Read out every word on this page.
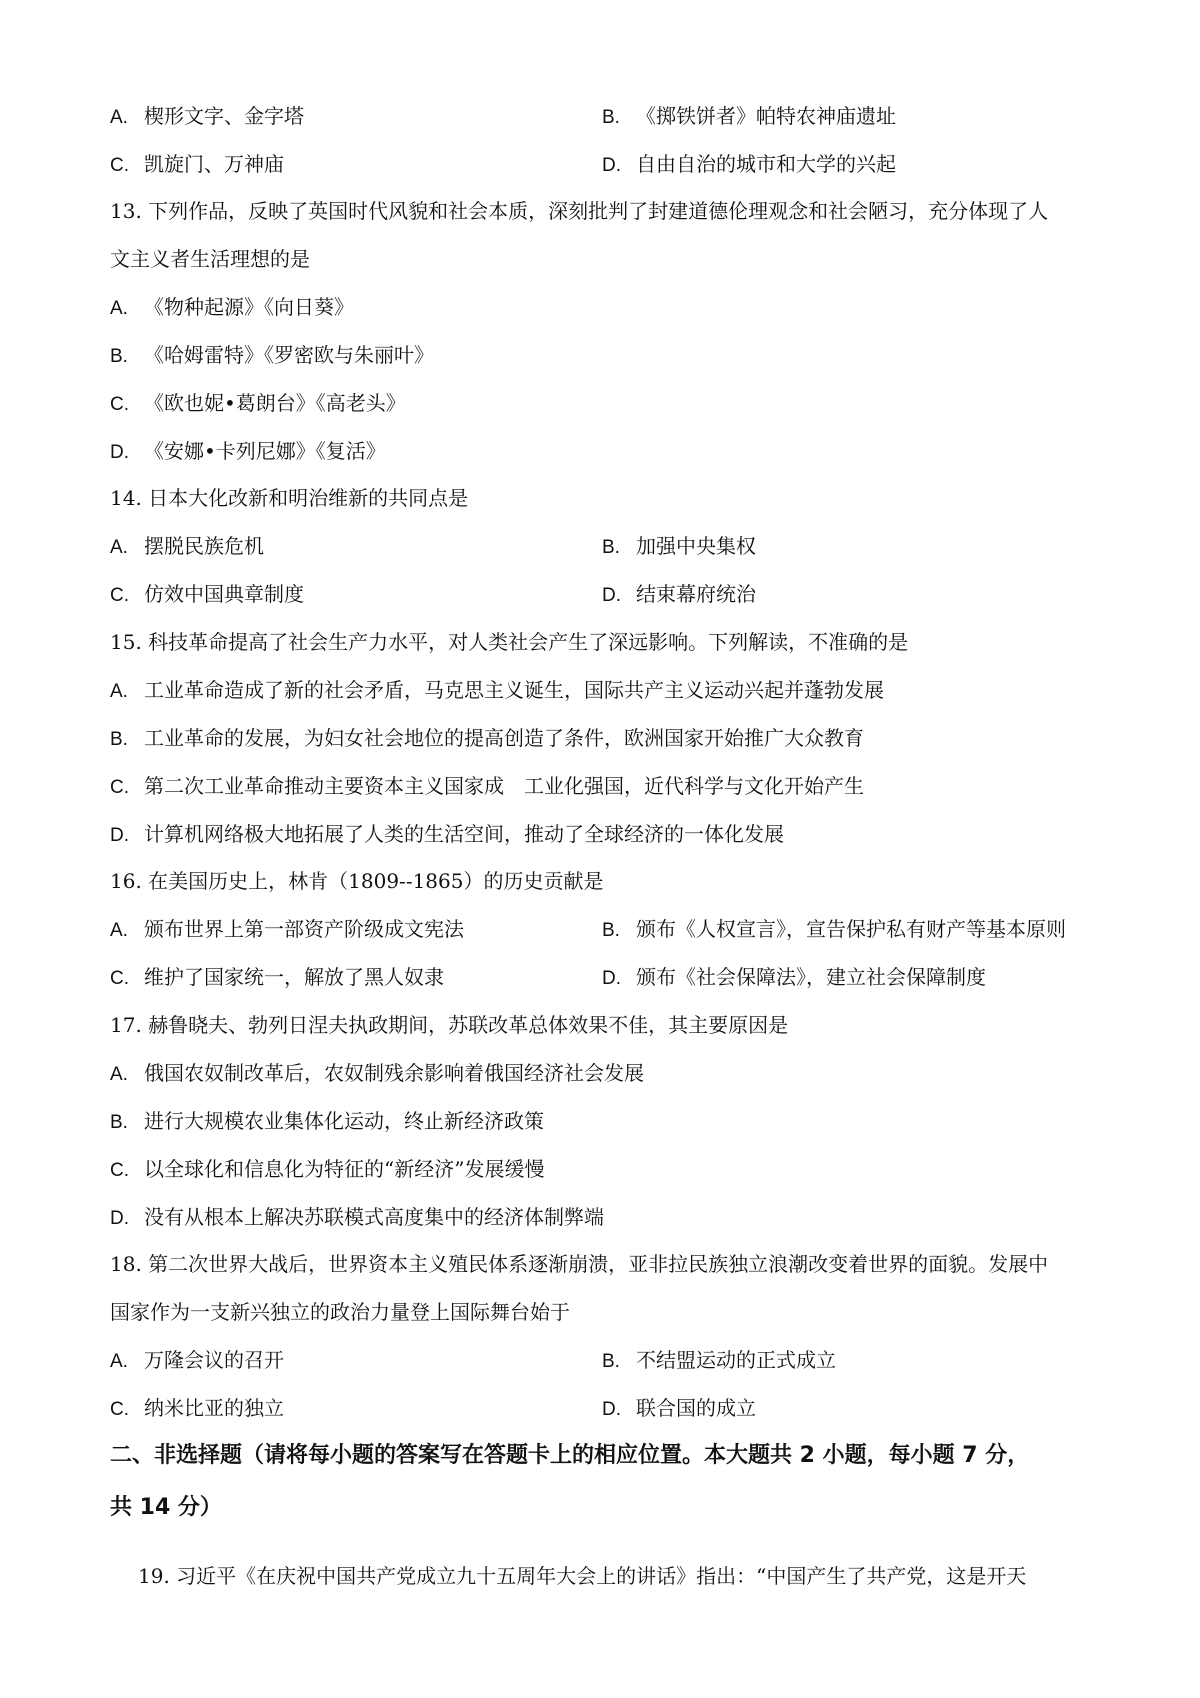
A. 楔形文字、金字塔	B. 《掷铁饼者》帕特农神庙遗址
C. 凯旋门、万神庙	D. 自由自治的城市和大学的兴起
13. 下列作品，反映了英国时代风貌和社会本质，深刻批判了封建道德伦理观念和社会陋习，充分体现了人
文主义者生活理想的是
A. 《物种起源》《向日葵》
B. 《哈姆雷特》《罗密欧与朱丽叶》
C. 《欧也妮•葛朗台》《高老头》
D. 《安娜•卡列尼娜》《复活》
14. 日本大化改新和明治维新的共同点是
A. 摆脱民族危机	B. 加强中央集权
C. 仿效中国典章制度	D. 结束幕府统治
15. 科技革命提高了社会生产力水平，对人类社会产生了深远影响。下列解读，不准确的是
A. 工业革命造成了新的社会矛盾，马克思主义诞生，国际共产主义运动兴起并蓬勃发展
B. 工业革命的发展，为妇女社会地位的提高创造了条件，欧洲国家开始推广大众教育
C. 第二次工业革命推动主要资本主义国家成　工业化强国，近代科学与文化开始产生
D. 计算机网络极大地拓展了人类的生活空间，推动了全球经济的一体化发展
16. 在美国历史上，林肯（1809--1865）的历史贡献是
A. 颁布世界上第一部资产阶级成文宪法	B. 颁布《人权宣言》，宣告保护私有财产等基本原则
C. 维护了国家统一，解放了黑人奴隶	D. 颁布《社会保障法》，建立社会保障制度
17. 赫鲁晓夫、勃列日涅夫执政期间，苏联改革总体效果不佳，其主要原因是
A. 俄国农奴制改革后，农奴制残余影响着俄国经济社会发展
B. 进行大规模农业集体化运动，终止新经济政策
C. 以全球化和信息化为特征的“新经济”发展缓慢
D. 没有从根本上解决苏联模式高度集中的经济体制弊端
18. 第二次世界大战后，世界资本主义殖民体系逐渐崩溃，亚非拉民族独立浪潮改变着世界的面貌。发展中
国家作为一支新兴独立的政治力量登上国际舞台始于
A. 万隆会议的召开	B. 不结盟运动的正式成立
C. 纳米比亚的独立	D. 联合国的成立
二、非选择题（请将每小题的答案写在答题卡上的相应位置。本大题共 2 小题，每小题 7 分，
共 14 分）
19. 习近平《在庆祝中国共产党成立九十五周年大会上的讲话》指出：“中国产生了共产党，这是开天
